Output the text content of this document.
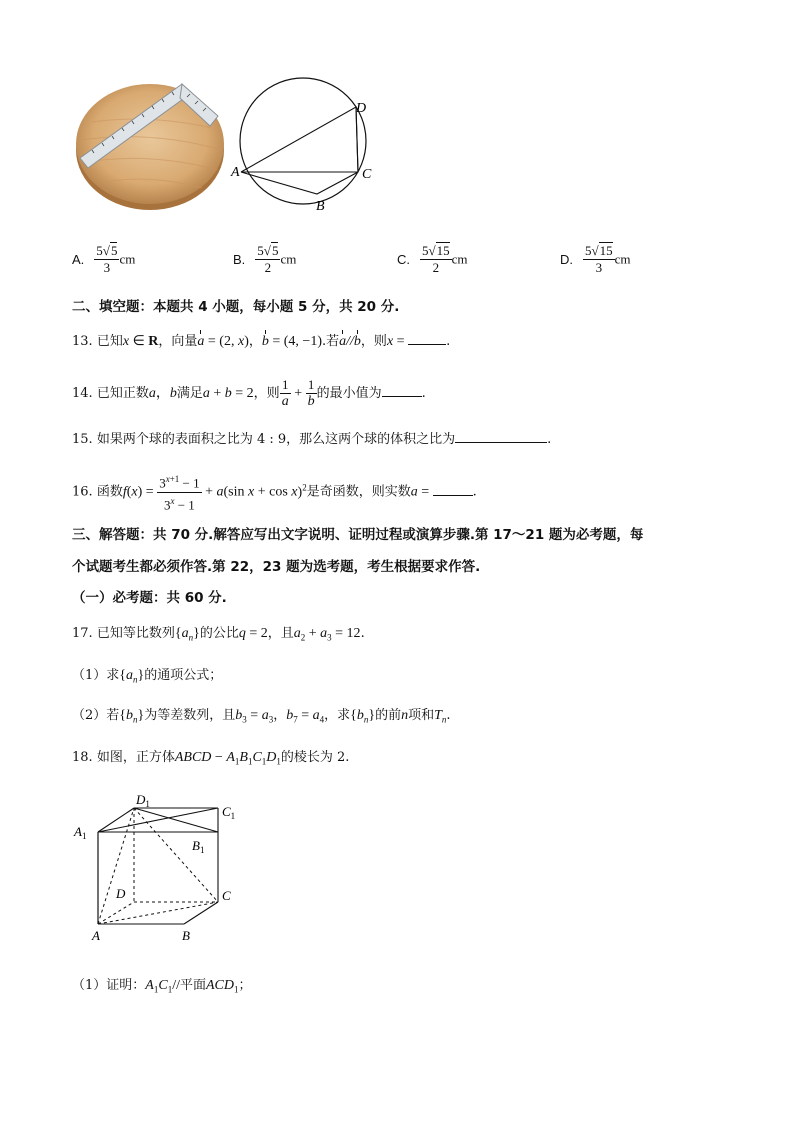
A
B
C
D
A. $\frac{5√5}{3}$ cm	B. $\frac{5√5}{2}$ cm	C. $\frac{5√15}{2}$ cm	D. $\frac{5√15}{3}$ cm
二、填空题：本题共 4 小题，每小题 5 分，共 20 分.
13. 已知x ∈ R，向量a = (2, x)，b = (4, −1).若a//b，则x =	.
14. 已知正数a，b满足a + b = 2，则 $\frac{1}{a} + \frac{1}{b}$ 的最小值为	.
15. 如果两个球的表面积之比为 4 : 9，那么这两个球的体积之比为	.
16. 函数$f(x) = \frac{3^{x+1} - 1}{3^x - 1} + a(\sin$ x + cos x)$^2$是奇函数，则实数a =	.
三、解答题：共 70 分.解答应写出文字说明、证明过程或演算步骤.第 17～21 题为必考题，每
个试题考生都必须作答.第 22，23 题为选考题，考生根据要求作答.
（一）必考题：共 60 分.
17. 已知等比数列$\{a_n\}$的公比q = 2，且$a_2 + a_3 = 12$.
（1）求$\{a_n\}$的通项公式；
（2）若$\{b_n\}$为等差数列，且$b_3 = a_3$，$b_7 = a_4$，求$\{b_n\}$的前n项和$T_n$.
18. 如图，正方体ABCD − $A_1B_1C_1D_1$的棱长为 2.
$A_1$
$D_1$	$C_1$
$B_1$
D	C
A	B
（1）证明：$A_1C_1//$平面$ACD_1$；
